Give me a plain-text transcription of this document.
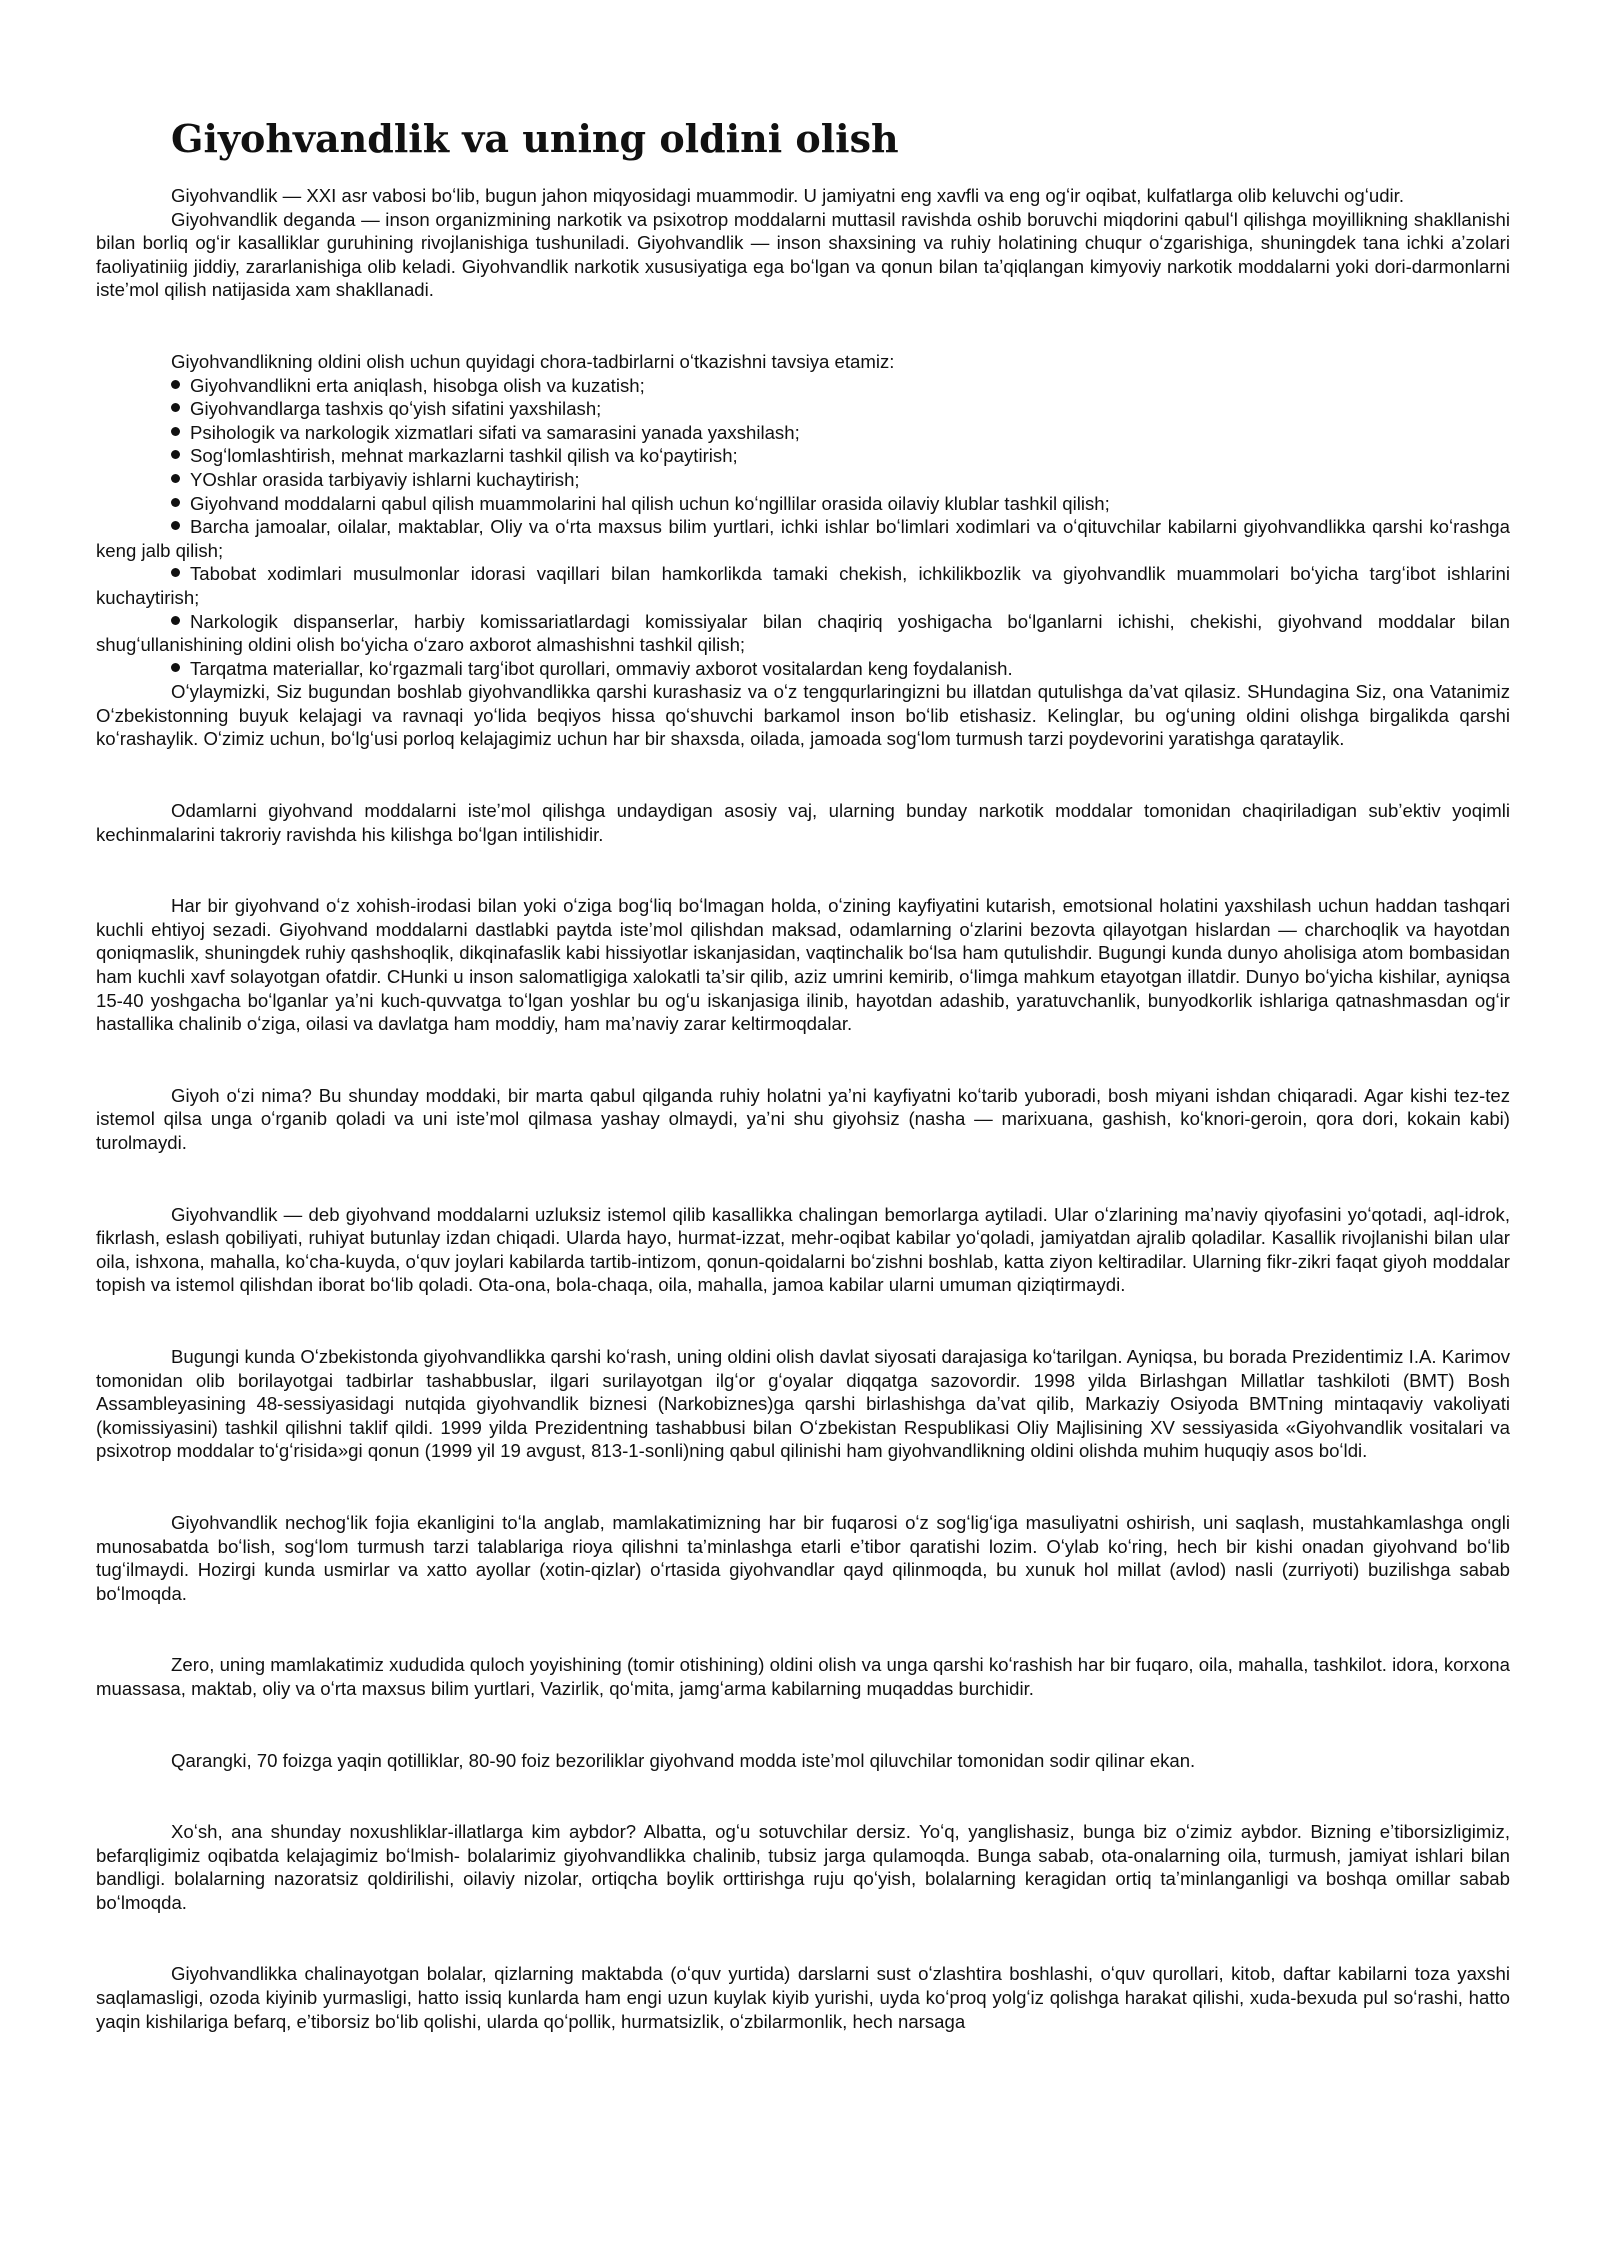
Giyohvandlik va uning oldini olish

Giyohvandlik — XXI asr vabosi boʻlib, bugun jahon miqyosidagi muammodir. U jamiyatni eng xavfli va eng ogʻir oqibat, kulfatlarga olib keluvchi ogʻudir.

Giyohvandlik deganda — inson organizmining narkotik va psixotrop moddalarni muttasil ravishda oshib boruvchi miqdorini qabulʻl qilishga moyillikning shakllanishi bilan borliq ogʻir kasalliklar guruhining rivojlanishiga tushuniladi. Giyohvandlik — inson shaxsining va ruhiy holatining chuqur oʻzgarishiga, shuningdek tana ichki aʼzolari faoliyatiniig jiddiy, zararlanishiga olib keladi. Giyohvandlik narkotik xususiyatiga ega boʻlgan va qonun bilan taʼqiqlangan kimyoviy narkotik moddalarni yoki dori-darmonlarni isteʼmol qilish natijasida xam shakllanadi.

Giyohvandlikning oldini olish uchun quyidagi chora-tadbirlarni oʻtkazishni tavsiya etamiz:

Giyohvandlikni erta aniqlash, hisobga olish va kuzatish;
Giyohvandlarga tashxis qoʻyish sifatini yaxshilash;
Psihologik va narkologik xizmatlari sifati va samarasini yanada yaxshilash;
Sogʻlomlashtirish, mehnat markazlarni tashkil qilish va koʻpaytirish;
YOshlar orasida tarbiyaviy ishlarni kuchaytirish;
Giyohvand moddalarni qabul qilish muammolarini hal qilish uchun koʻngillilar orasida oilaviy klublar tashkil qilish;
Barcha jamoalar, oilalar, maktablar, Oliy va oʻrta maxsus bilim yurtlari, ichki ishlar boʻlimlari xodimlari va oʻqituvchilar kabilarni giyohvandlikka qarshi koʻrashga keng jalb qilish;
Tabobat xodimlari musulmonlar idorasi vaqillari bilan hamkorlikda tamaki chekish, ichkilikbozlik va giyohvandlik muammolari boʻyicha targʻibot ishlarini kuchaytirish;
Narkologik dispanserlar, harbiy komissariatlardagi komissiyalar bilan chaqiriq yoshigacha boʻlganlarni ichishi, chekishi, giyohvand moddalar bilan shugʻullanishining oldini olish boʻyicha oʻzaro axborot almashishni tashkil qilish;
Tarqatma materiallar, koʻrgazmali targʻibot qurollari, ommaviy axborot vositalardan keng foydalanish.

Oʻylaymizki, Siz bugundan boshlab giyohvandlikka qarshi kurashasiz va oʻz tengqurlaringizni bu illatdan qutulishga daʼvat qilasiz. SHundagina Siz, ona Vatanimiz Oʻzbekistonning buyuk kelajagi va ravnaqi yoʻlida beqiyos hissa qoʻshuvchi barkamol inson boʻlib etishasiz. Kelinglar, bu ogʻuning oldini olishga birgalikda qarshi koʻrashaylik. Oʻzimiz uchun, boʻlgʻusi porloq kelajagimiz uchun har bir shaxsda, oilada, jamoada sogʻlom turmush tarzi poydevorini yaratishga qarataylik.

Odamlarni giyohvand moddalarni isteʼmol qilishga undaydigan asosiy vaj, ularning bunday narkotik moddalar tomonidan chaqiriladigan subʼektiv yoqimli kechinmalarini takroriy ravishda his kilishga boʻlgan intilishidir.

Har bir giyohvand oʻz xohish-irodasi bilan yoki oʻziga bogʻliq boʻlmagan holda, oʻzining kayfiyatini kutarish, emotsional holatini yaxshilash uchun haddan tashqari kuchli ehtiyoj sezadi. Giyohvand moddalarni dastlabki paytda isteʼmol qilishdan maksad, odamlarning oʻzlarini bezovta qilayotgan hislardan — charchoqlik va hayotdan qoniqmaslik, shuningdek ruhiy qashshoqlik, dikqinafaslik kabi hissiyotlar iskanjasidan, vaqtinchalik boʻlsa ham qutulishdir. Bugungi kunda dunyo aholisiga atom bombasidan ham kuchli xavf solayotgan ofatdir. CHunki u inson salomatligiga xalokatli taʼsir qilib, aziz umrini kemirib, oʻlimga mahkum etayotgan illatdir. Dunyo boʻyicha kishilar, ayniqsa 15-40 yoshgacha boʻlganlar yaʼni kuch-quvvatga toʻlgan yoshlar bu ogʻu iskanjasiga ilinib, hayotdan adashib, yaratuvchanlik, bunyodkorlik ishlariga qatnashmasdan ogʻir hastallika chalinib oʻziga, oilasi va davlatga ham moddiy, ham maʼnaviy zarar keltirmoqdalar.

Giyoh oʻzi nima? Bu shunday moddaki, bir marta qabul qilganda ruhiy holatni yaʼni kayfiyatni koʻtarib yuboradi, bosh miyani ishdan chiqaradi. Agar kishi tez-tez istemol qilsa unga oʻrganib qoladi va uni isteʼmol qilmasa yashay olmaydi, yaʼni shu giyohsiz (nasha — marixuana, gashish, koʻknori-geroin, qora dori, kokain kabi) turolmaydi.

Giyohvandlik — deb giyohvand moddalarni uzluksiz istemol qilib kasallikka chalingan bemorlarga aytiladi. Ular oʻzlarining maʼnaviy qiyofasini yoʻqotadi, aql-idrok, fikrlash, eslash qobiliyati, ruhiyat butunlay izdan chiqadi. Ularda hayo, hurmat-izzat, mehr-oqibat kabilar yoʻqoladi, jamiyatdan ajralib qoladilar. Kasallik rivojlanishi bilan ular oila, ishxona, mahalla, koʻcha-kuyda, oʻquv joylari kabilarda tartib-intizom, qonun-qoidalarni boʻzishni boshlab, katta ziyon keltiradilar. Ularning fikr-zikri faqat giyoh moddalar topish va istemol qilishdan iborat boʻlib qoladi. Ota-ona, bola-chaqa, oila, mahalla, jamoa kabilar ularni umuman qiziqtirmaydi.

Bugungi kunda Oʻzbekistonda giyohvandlikka qarshi koʻrash, uning oldini olish davlat siyosati darajasiga koʻtarilgan. Ayniqsa, bu borada Prezidentimiz I.A. Karimov tomonidan olib borilayotgai tadbirlar tashabbuslar, ilgari surilayotgan ilgʻor gʻoyalar diqqatga sazovordir. 1998 yilda Birlashgan Millatlar tashkiloti (BMT) Bosh Assambleyasining 48-sessiyasidagi nutqida giyohvandlik biznesi (Narkobiznes)ga qarshi birlashishga daʼvat qilib, Markaziy Osiyoda BMTning mintaqaviy vakoliyati (komissiyasini) tashkil qilishni taklif qildi. 1999 yilda Prezidentning tashabbusi bilan Oʻzbekistan Respublikasi Oliy Majlisining XV sessiyasida «Giyohvandlik vositalari va psixotrop moddalar toʻgʻrisida»gi qonun (1999 yil 19 avgust, 813-1-sonli)ning qabul qilinishi ham giyohvandlikning oldini olishda muhim huquqiy asos boʻldi.

Giyohvandlik nechogʻlik fojia ekanligini toʻla anglab, mamlakatimizning har bir fuqarosi oʻz sogʻligʻiga masuliyatni oshirish, uni saqlash, mustahkamlashga ongli munosabatda boʻlish, sogʻlom turmush tarzi talablariga rioya qilishni taʼminlashga etarli eʼtibor qaratishi lozim. Oʻylab koʻring, hech bir kishi onadan giyohvand boʻlib tugʻilmaydi. Hozirgi kunda usmirlar va xatto ayollar (xotin-qizlar) oʻrtasida giyohvandlar qayd qilinmoqda, bu xunuk hol millat (avlod) nasli (zurriyoti) buzilishga sabab boʻlmoqda.

Zero, uning mamlakatimiz xududida quloch yoyishining (tomir otishining) oldini olish va unga qarshi koʻrashish har bir fuqaro, oila, mahalla, tashkilot. idora, korxona muassasa, maktab, oliy va oʻrta maxsus bilim yurtlari, Vazirlik, qoʻmita, jamgʻarma kabilarning muqaddas burchidir.

Qarangki, 70 foizga yaqin qotilliklar, 80-90 foiz bezoriliklar giyohvand modda isteʼmol qiluvchilar tomonidan sodir qilinar ekan.

Xoʻsh, ana shunday noxushliklar-illatlarga kim aybdor? Albatta, ogʻu sotuvchilar dersiz. Yoʻq, yanglishasiz, bunga biz oʻzimiz aybdor. Bizning eʼtiborsizligimiz, befarqligimiz oqibatda kelajagimiz boʻlmish- bolalarimiz giyohvandlikka chalinib, tubsiz jarga qulamoqda. Bunga sabab, ota-onalarning oila, turmush, jamiyat ishlari bilan bandligi. bolalarning nazoratsiz qoldirilishi, oilaviy nizolar, ortiqcha boylik orttirishga ruju qoʻyish, bolalarning keragidan ortiq taʼminlanganligi va boshqa omillar sabab boʻlmoqda.

Giyohvandlikka chalinayotgan bolalar, qizlarning maktabda (oʻquv yurtida) darslarni sust oʻzlashtira boshlashi, oʻquv qurollari, kitob, daftar kabilarni toza yaxshi saqlamasligi, ozoda kiyinib yurmasligi, hatto issiq kunlarda ham engi uzun kuylak kiyib yurishi, uyda koʻproq yolgʻiz qolishga harakat qilishi, xuda-bexuda pul soʻrashi, hatto yaqin kishilariga befarq, eʼtiborsiz boʻlib qolishi, ularda qoʻpollik, hurmatsizlik, oʻzbilarmonlik, hech narsaga
